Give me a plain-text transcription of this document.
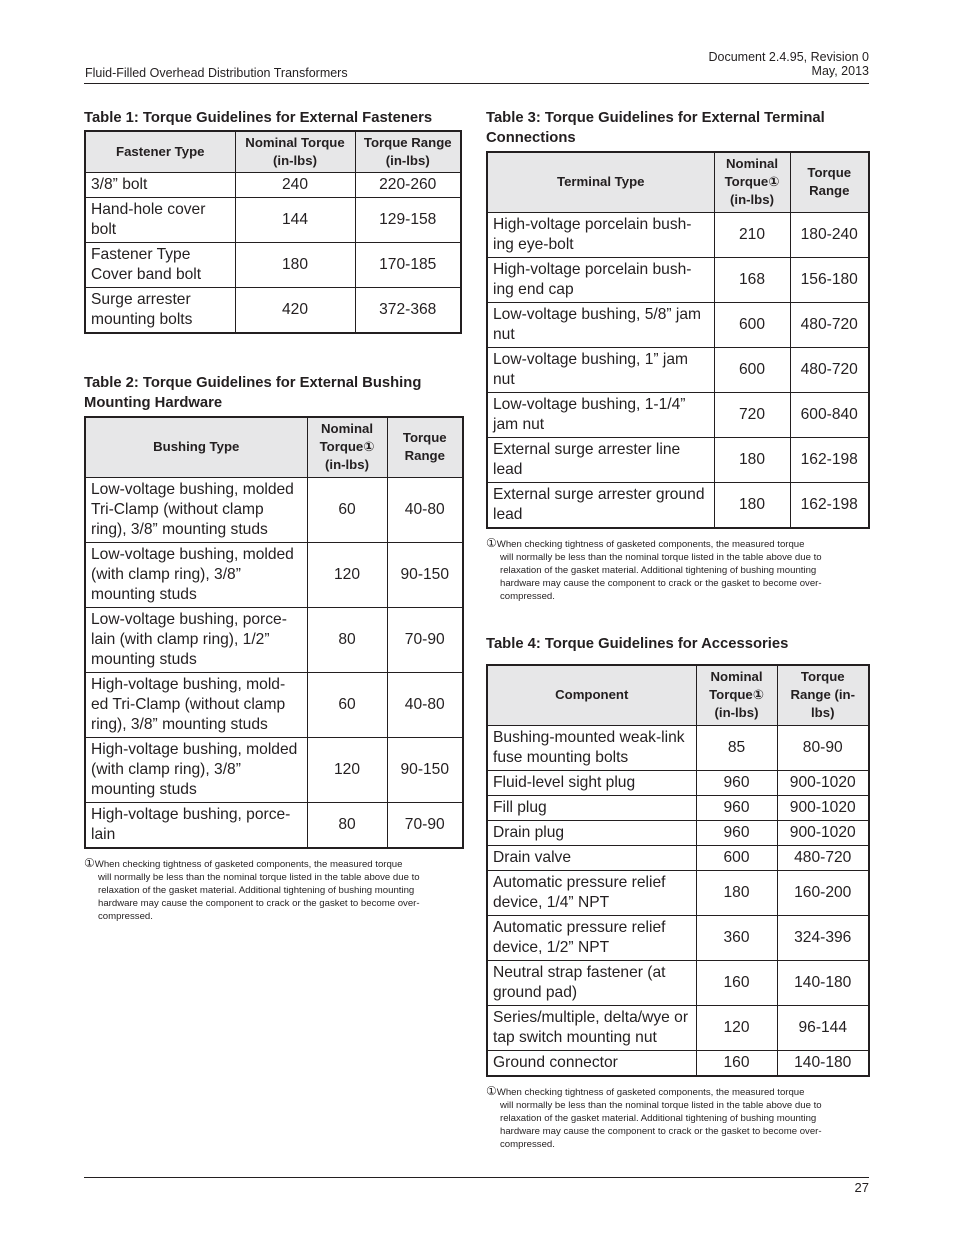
Fluid-Filled Overhead Distribution Transformers
Document 2.4.95, Revision 0
May, 2013

Table 1: Torque Guidelines for External Fasteners

Fastener Type	Nominal Torque (in-lbs)	Torque Range (in-lbs)
3/8” bolt	240	220-260
Hand-hole cover bolt	144	129-158
Fastener Type Cover band bolt	180	170-185
Surge arrester mounting bolts	420	372-368

Table 2: Torque Guidelines for External Bushing Mounting Hardware

Bushing Type	Nominal Torque① (in-lbs)	Torque Range
Low-voltage bushing, molded Tri-Clamp (without clamp ring), 3/8” mounting studs	60	40-80
Low-voltage bushing, molded (with clamp ring), 3/8” mounting studs	120	90-150
Low-voltage bushing, porce-lain (with clamp ring), 1/2” mounting studs	80	70-90
High-voltage bushing, mold-ed Tri-Clamp (without clamp ring), 3/8” mounting studs	60	40-80
High-voltage bushing, molded (with clamp ring), 3/8” mounting studs	120	90-150
High-voltage bushing, porce-lain	80	70-90
①When checking tightness of gasketed components, the measured torque
will normally be less than the nominal torque listed in the table above due to
relaxation of the gasket material. Additional tightening of bushing mounting
hardware may cause the component to crack or the gasket to become over-
compressed.

Table 3: Torque Guidelines for External Terminal Connections

Terminal Type	Nominal Torque① (in-lbs)	Torque Range
High-voltage porcelain bush-ing eye-bolt	210	180-240
High-voltage porcelain bush-ing end cap	168	156-180
Low-voltage bushing, 5/8” jam nut	600	480-720
Low-voltage bushing, 1” jam nut	600	480-720
Low-voltage bushing, 1-1/4” jam nut	720	600-840
External surge arrester line lead	180	162-198
External surge arrester ground lead	180	162-198
①When checking tightness of gasketed components, the measured torque
will normally be less than the nominal torque listed in the table above due to
relaxation of the gasket material. Additional tightening of bushing mounting
hardware may cause the component to crack or the gasket to become over-
compressed.

Table 4: Torque Guidelines for Accessories

Component	Nominal Torque① (in-lbs)	Torque Range (in-lbs)
Bushing-mounted weak-link fuse mounting bolts	85	80-90
Fluid-level sight plug	960	900-1020
Fill plug	960	900-1020
Drain plug	960	900-1020
Drain valve	600	480-720
Automatic pressure relief device, 1/4” NPT	180	160-200
Automatic pressure relief device, 1/2” NPT	360	324-396
Neutral strap fastener (at ground pad)	160	140-180
Series/multiple, delta/wye or tap switch mounting nut	120	96-144
Ground connector	160	140-180
①When checking tightness of gasketed components, the measured torque
will normally be less than the nominal torque listed in the table above due to
relaxation of the gasket material. Additional tightening of bushing mounting
hardware may cause the component to crack or the gasket to become over-
compressed.
27
